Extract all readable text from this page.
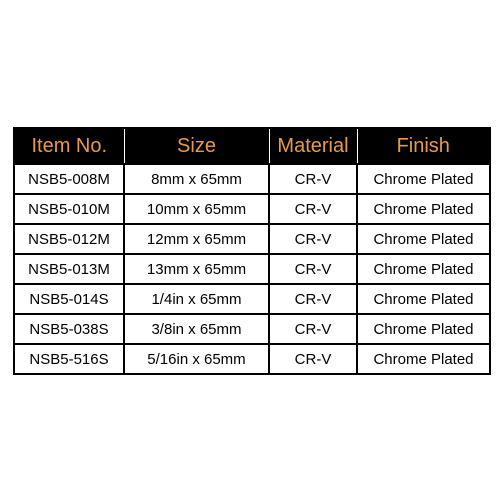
Item No.	Size	Material	Finish
NSB5-008M	8mm x 65mm	CR-V	Chrome Plated
NSB5-010M	10mm x 65mm	CR-V	Chrome Plated
NSB5-012M	12mm x 65mm	CR-V	Chrome Plated
NSB5-013M	13mm x 65mm	CR-V	Chrome Plated
NSB5-014S	1/4in x 65mm	CR-V	Chrome Plated
NSB5-038S	3/8in x 65mm	CR-V	Chrome Plated
NSB5-516S	5/16in x 65mm	CR-V	Chrome Plated
